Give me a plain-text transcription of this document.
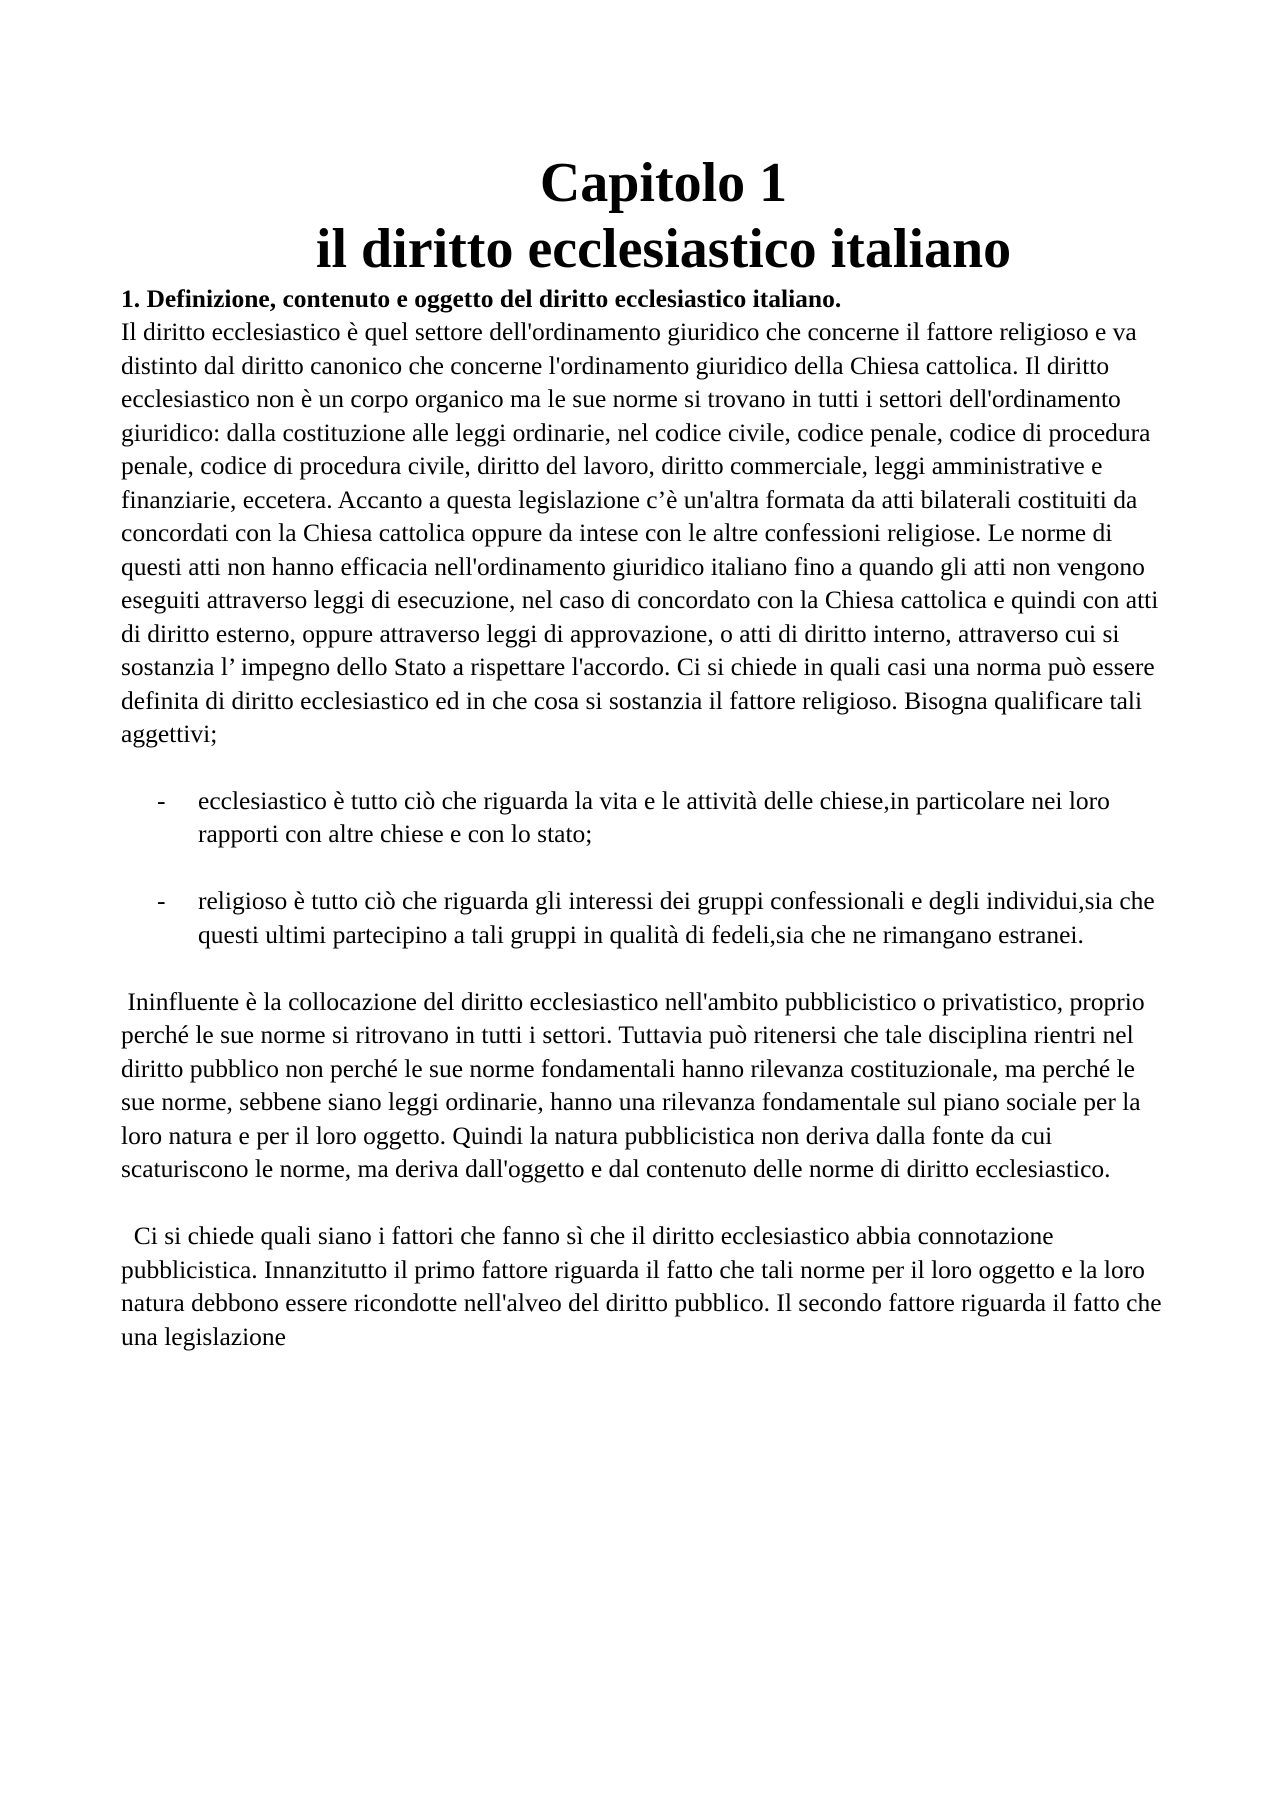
Capitolo 1
il diritto ecclesiastico italiano

1. Definizione, contenuto e oggetto del diritto ecclesiastico italiano.

Il diritto ecclesiastico è quel settore dell'ordinamento giuridico che concerne il fattore religioso e va distinto dal diritto canonico che concerne l'ordinamento giuridico della Chiesa cattolica. Il diritto ecclesiastico non è un corpo organico ma le sue norme si trovano in tutti i settori dell'ordinamento giuridico: dalla costituzione alle leggi ordinarie, nel codice civile, codice penale, codice di procedura penale, codice di procedura civile, diritto del lavoro, diritto commerciale, leggi amministrative e finanziarie, eccetera. Accanto a questa legislazione c’è un'altra formata da atti bilaterali costituiti da concordati con la Chiesa cattolica oppure da intese con le altre confessioni religiose. Le norme di questi atti non hanno efficacia nell'ordinamento giuridico italiano fino a quando gli atti non vengono eseguiti attraverso leggi di esecuzione, nel caso di concordato con la Chiesa cattolica e quindi con atti di diritto esterno, oppure attraverso leggi di approvazione, o atti di diritto interno, attraverso cui si sostanzia l’ impegno dello Stato a rispettare l'accordo. Ci si chiede in quali casi una norma può essere definita di diritto ecclesiastico ed in che cosa si sostanzia il fattore religioso. Bisogna qualificare tali aggettivi;

- ecclesiastico è tutto ciò che riguarda la vita e le attività delle chiese,in particolare nei loro rapporti con altre chiese e con lo stato;
- religioso è tutto ciò che riguarda gli interessi dei gruppi confessionali e degli individui,sia che questi ultimi partecipino a tali gruppi in qualità di fedeli,sia che ne rimangano estranei.

Ininfluente è la collocazione del diritto ecclesiastico nell'ambito pubblicistico o privatistico, proprio perché le sue norme si ritrovano in tutti i settori. Tuttavia può ritenersi che tale disciplina rientri nel diritto pubblico non perché le sue norme fondamentali hanno rilevanza costituzionale, ma perché le sue norme, sebbene siano leggi ordinarie, hanno una rilevanza fondamentale sul piano sociale per la loro natura e per il loro oggetto. Quindi la natura pubblicistica non deriva dalla fonte da cui scaturiscono le norme, ma deriva dall'oggetto e dal contenuto delle norme di diritto ecclesiastico.

Ci si chiede quali siano i fattori che fanno sì che il diritto ecclesiastico abbia connotazione pubblicistica. Innanzitutto il primo fattore riguarda il fatto che tali norme per il loro oggetto e la loro natura debbono essere ricondotte nell'alveo del diritto pubblico. Il secondo fattore riguarda il fatto che una legislazione
